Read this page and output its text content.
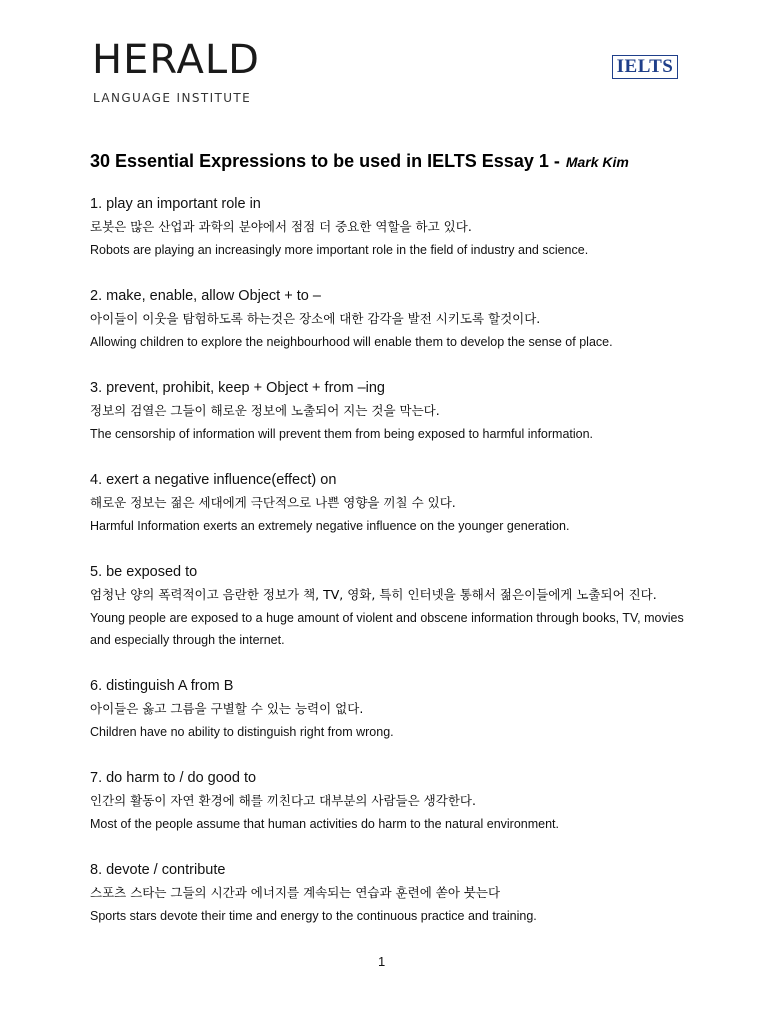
HERALD
LANGUAGE INSTITUTE
IELTS
30 Essential Expressions to be used in IELTS Essay 1 - Mark Kim
1. play an important role in
로봇은 많은 산업과 과학의 분야에서 점점 더 중요한 역할을 하고 있다.
Robots are playing an increasingly more important role in the field of industry and science.
2. make, enable, allow Object + to –
아이들이 이웃을 탐험하도록 하는것은 장소에 대한 감각을 발전 시키도록 할것이다.
Allowing children to explore the neighbourhood will enable them to develop the sense of place.
3. prevent, prohibit, keep + Object + from –ing
정보의 검열은 그들이 해로운 정보에 노출되어 지는 것을 막는다.
The censorship of information will prevent them from being exposed to harmful information.
4. exert a negative influence(effect) on
해로운 정보는 젊은 세대에게 극단적으로 나쁜 영향을 끼칠 수 있다.
Harmful Information exerts an extremely negative influence on the younger generation.
5. be exposed to
엄청난 양의 폭력적이고 음란한 정보가 책, TV, 영화, 특히 인터넷을 통해서 젊은이들에게 노출되어 진다.
Young people are exposed to a huge amount of violent and obscene information through books, TV, movies and especially through the internet.
6. distinguish A from B
아이들은 옳고 그름을 구별할 수 있는 능력이 없다.
Children have no ability to distinguish right from wrong.
7. do harm to / do good to
인간의 활동이 자연 환경에 해를 끼친다고 대부분의 사람들은 생각한다.
Most of the people assume that human activities do harm to the natural environment.
8. devote / contribute
스포츠 스타는 그들의 시간과 에너지를 계속되는 연습과 훈련에 쏟아 붓는다
Sports stars devote their time and energy to the continuous practice and training.
1
